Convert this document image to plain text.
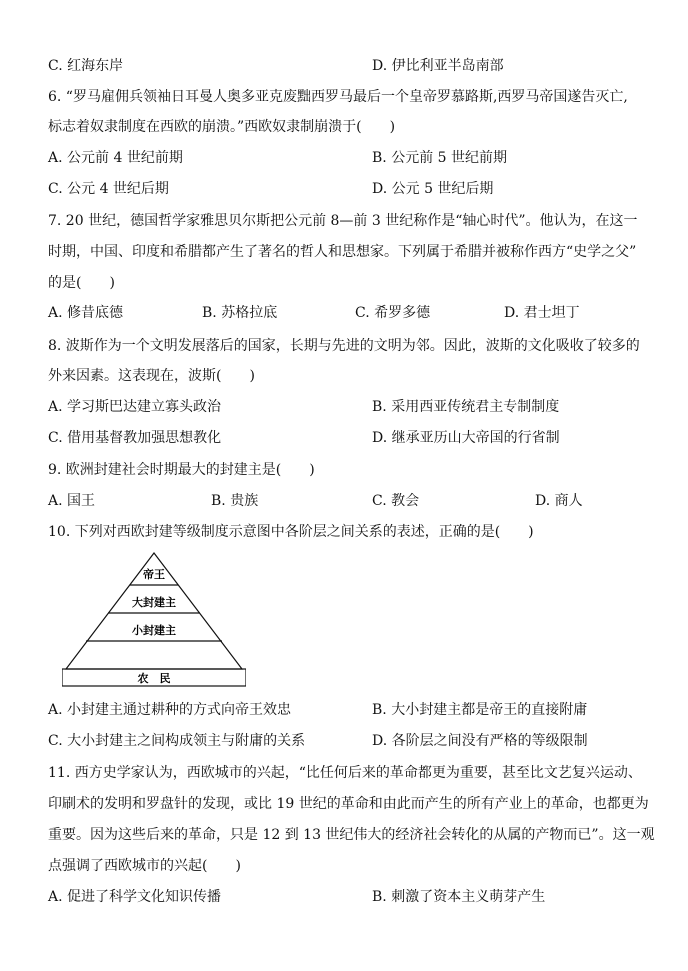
C. 红海东岸	D. 伊比利亚半岛南部
6. “罗马雇佣兵领袖日耳曼人奥多亚克废黜西罗马最后一个皇帝罗慕路斯,西罗马帝国遂告灭亡,
标志着奴隶制度在西欧的崩溃。”西欧奴隶制崩溃于(　　)
A. 公元前 4 世纪前期	B. 公元前 5 世纪前期
C. 公元 4 世纪后期	D. 公元 5 世纪后期
7. 20 世纪，德国哲学家雅思贝尔斯把公元前 8—前 3 世纪称作是“轴心时代”。他认为，在这一
时期，中国、印度和希腊都产生了著名的哲人和思想家。下列属于希腊并被称作西方“史学之父”
的是(　　)
A. 修昔底德	B. 苏格拉底	C. 希罗多德	D. 君士坦丁
8. 波斯作为一个文明发展落后的国家，长期与先进的文明为邻。因此，波斯的文化吸收了较多的
外来因素。这表现在，波斯(　　)
A. 学习斯巴达建立寡头政治	B. 采用西亚传统君主专制制度
C. 借用基督教加强思想教化	D. 继承亚历山大帝国的行省制
9. 欧洲封建社会时期最大的封建主是(　　)
A. 国王	B. 贵族	C. 教会	D. 商人
10. 下列对西欧封建等级制度示意图中各阶层之间关系的表述，正确的是(　　)
帝王
大封建主
小封建主
农　民
A. 小封建主通过耕种的方式向帝王效忠	B. 大小封建主都是帝王的直接附庸
C. 大小封建主之间构成领主与附庸的关系	D. 各阶层之间没有严格的等级限制
11. 西方史学家认为，西欧城市的兴起，“比任何后来的革命都更为重要，甚至比文艺复兴运动、
印刷术的发明和罗盘针的发现，或比 19 世纪的革命和由此而产生的所有产业上的革命，也都更为
重要。因为这些后来的革命，只是 12 到 13 世纪伟大的经济社会转化的从属的产物而已”。这一观
点强调了西欧城市的兴起(　　)
A. 促进了科学文化知识传播	B. 刺激了资本主义萌芽产生
